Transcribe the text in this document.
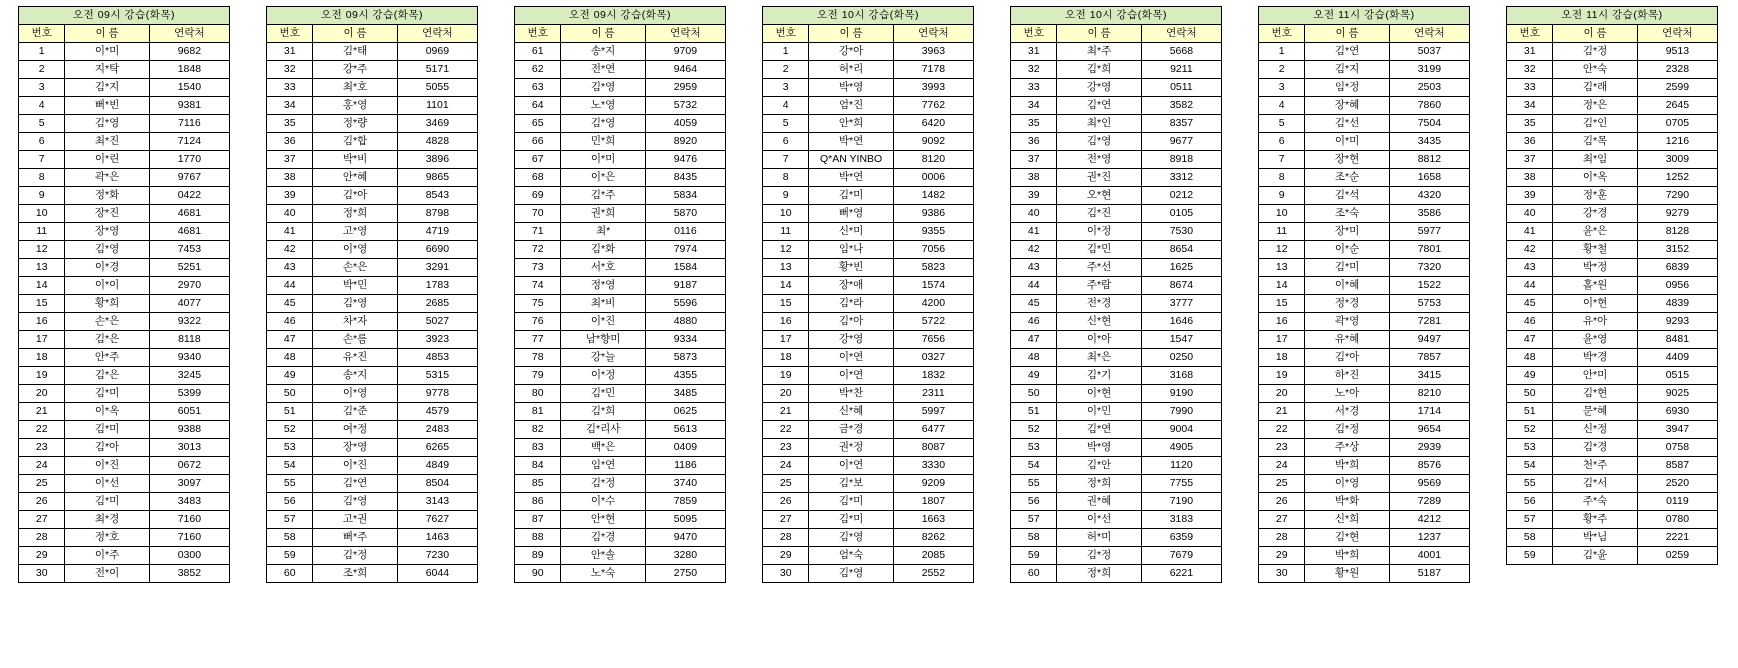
오전 09시 강습(화목)		
번호	이 름	연락처
1	이*미	9682
2	지*탁	1848
3	김*지	1540
4	뻐*빈	9381
5	김*영	7116
6	최*진	7124
7	이*린	1770
8	곽*은	9767
9	정*화	0422
10	장*진	4681
11	장*영	4681
12	김*영	7453
13	이*경	5251
14	이*이	2970
15	황*희	4077
16	손*은	9322
17	김*은	8118
18	안*주	9340
19	김*은	3245
20	김*미	5399
21	이*옥	6051
22	김*미	9388
23	김*아	3013
24	이*진	0672
25	이*선	3097
26	김*미	3483
27	최*경	7160
28	정*호	7160
29	이*주	0300
30	전*이	3852
오전 09시 강습(화목)		
번호	이 름	연락처
31	김*태	0969
32	강*주	5171
33	최*호	5055
34	홍*영	1101
35	정*량	3469
36	김*합	4828
37	박*비	3896
38	안*혜	9865
39	김*아	8543
40	정*희	8798
41	고*영	4719
42	이*영	6690
43	손*은	3291
44	박*민	1783
45	김*영	2685
46	차*자	5027
47	손*름	3923
48	유*진	4853
49	송*지	5315
50	이*영	9778
51	김*준	4579
52	여*정	2483
53	장*영	6265
54	이*진	4849
55	김*연	8504
56	김*영	3143
57	고*권	7627
58	뻐*주	1463
59	김*정	7230
60	조*희	6044
오전 09시 강습(화목)		
번호	이 름	연락처
61	송*지	9709
62	전*연	9464
63	김*영	2959
64	노*영	5732
65	김*영	4059
66	민*희	8920
67	이*미	9476
68	이*은	8435
69	김*주	5834
70	권*희	5870
71	최*	0116
72	김*화	7974
73	서*호	1584
74	정*영	9187
75	최*비	5596
76	이*진	4880
77	남*향미	9334
78	강*늘	5873
79	이*정	4355
80	김*민	3485
81	김*희	0625
82	김*리사	5613
83	백*은	0409
84	임*연	1186
85	김*정	3740
86	이*수	7859
87	안*현	5095
88	김*경	9470
89	안*솔	3280
90	노*숙	2750
오전 10시 강습(화목)		
번호	이 름	연락처
1	강*아	3963
2	허*리	7178
3	박*영	3993
4	엄*진	7762
5	안*희	6420
6	박*연	9092
7	Q*AN YINBO	8120
8	박*연	0006
9	김*미	1482
10	뻐*영	9386
11	신*미	9355
12	임*나	7056
13	황*빈	5823
14	장*애	1574
15	김*라	4200
16	김*아	5722
17	강*영	7656
18	이*연	0327
19	이*연	1832
20	박*찬	2311
21	신*혜	5997
22	금*경	6477
23	권*정	8087
24	이*연	3330
25	김*보	9209
26	김*미	1807
27	김*미	1663
28	김*영	8262
29	엄*숙	2085
30	김*영	2552
오전 10시 강습(화목)		
번호	이 름	연락처
31	최*주	5668
32	김*희	9211
33	강*영	0511
34	김*연	3582
35	최*인	8357
36	김*영	9677
37	전*영	8918
38	권*진	3312
39	오*현	0212
40	김*진	0105
41	이*정	7530
42	김*민	8654
43	주*선	1625
44	주*람	8674
45	전*경	3777
46	신*현	1646
47	이*아	1547
48	최*은	0250
49	김*기	3168
50	이*현	9190
51	이*민	7990
52	김*연	9004
53	박*영	4905
54	김*안	1120
55	정*희	7755
56	권*혜	7190
57	이*선	3183
58	허*미	6359
59	김*정	7679
60	정*희	6221
오전 11시 강습(화목)		
번호	이 름	연락처
1	김*연	5037
2	김*지	3199
3	임*정	2503
4	장*혜	7860
5	김*선	7504
6	이*미	3435
7	장*현	8812
8	조*순	1658
9	김*석	4320
10	조*숙	3586
11	장*미	5977
12	이*순	7801
13	김*미	7320
14	이*혜	1522
15	정*경	5753
16	곽*영	7281
17	유*혜	9497
18	김*아	7857
19	하*진	3415
20	노*아	8210
21	서*경	1714
22	김*정	9654
23	주*상	2939
24	박*희	8576
25	이*영	9569
26	박*화	7289
27	신*희	4212
28	김*현	1237
29	박*희	4001
30	황*원	5187
오전 11시 강습(화목)		
번호	이 름	연락처
31	김*정	9513
32	안*숙	2328
33	김*래	2599
34	정*은	2645
35	김*인	0705
36	김*목	1216
37	최*임	3009
38	이*옥	1252
39	정*훈	7290
40	강*경	9279
41	윤*은	8128
42	황*철	3152
43	박*정	6839
44	홀*원	0956
45	이*현	4839
46	유*아	9293
47	윤*영	8481
48	박*경	4409
49	안*미	0515
50	김*현	9025
51	문*혜	6930
52	신*정	3947
53	김*경	0758
54	천*주	8587
55	김*서	2520
56	주*숙	0119
57	황*주	0780
58	박*님	2221
59	김*윤	0259
